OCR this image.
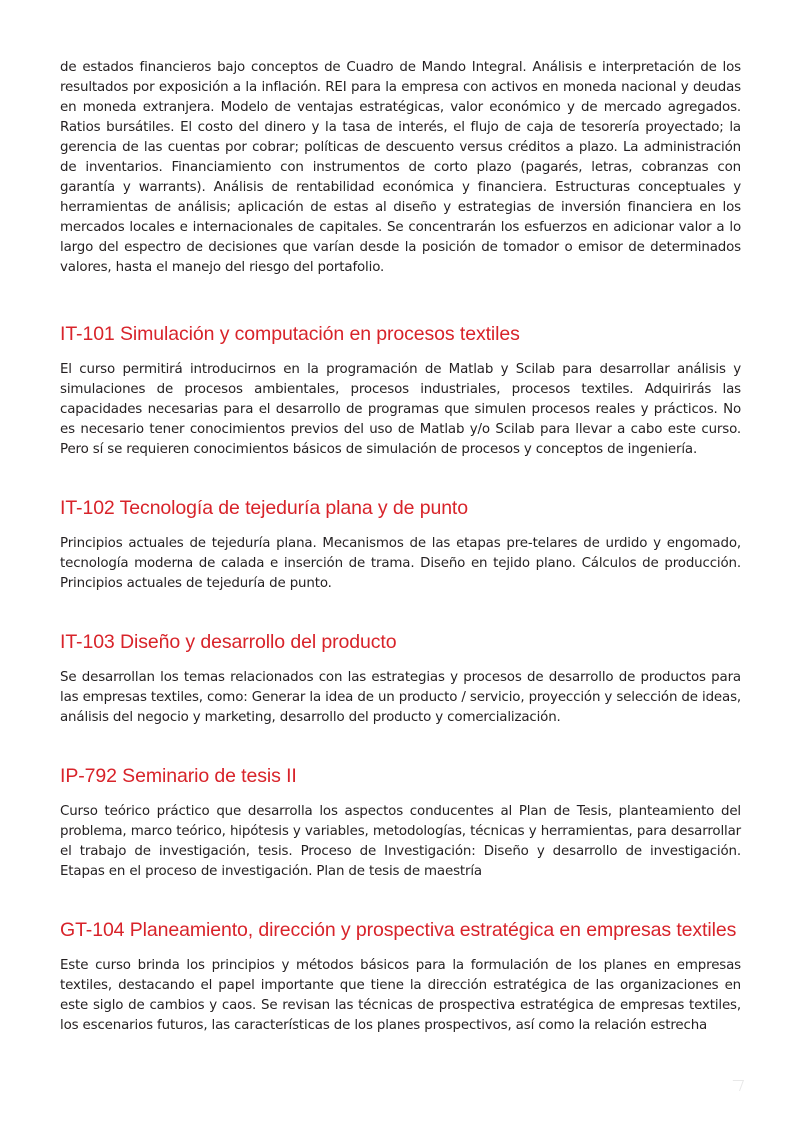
de estados financieros bajo conceptos de Cuadro de Mando Integral. Análisis e interpretación de los resultados por exposición a la inflación. REI para la empresa con activos en moneda nacional y deudas en moneda extranjera. Modelo de ventajas estratégicas, valor económico y de mercado agregados. Ratios bursátiles. El costo del dinero y la tasa de interés, el flujo de caja de tesorería proyectado; la gerencia de las cuentas por cobrar; políticas de descuento versus créditos a plazo. La administración de inventarios. Financiamiento con instrumentos de corto plazo (pagarés, letras, cobranzas con garantía y warrants). Análisis de rentabilidad económica y financiera. Estructuras conceptuales y herramientas de análisis; aplicación de estas al diseño y estrategias de inversión financiera en los mercados locales e internacionales de capitales. Se concentrarán los esfuerzos en adicionar valor a lo largo del espectro de decisiones que varían desde la posición de tomador o emisor de determinados valores, hasta el manejo del riesgo del portafolio.

IT-101 Simulación y computación en procesos textiles

El curso permitirá introducirnos en la programación de Matlab y Scilab para desarrollar análisis y simulaciones de procesos ambientales, procesos industriales, procesos textiles. Adquirirás las capacidades necesarias para el desarrollo de programas que simulen procesos reales y prácticos. No es necesario tener conocimientos previos del uso de Matlab y/o Scilab para llevar a cabo este curso. Pero sí se requieren conocimientos básicos de simulación de procesos y conceptos de ingeniería.

IT-102 Tecnología de tejeduría plana y de punto

Principios actuales de tejeduría plana. Mecanismos de las etapas pre-telares de urdido y engomado, tecnología moderna de calada e inserción de trama. Diseño en tejido plano. Cálculos de producción. Principios actuales de tejeduría de punto.

IT-103 Diseño y desarrollo del producto

Se desarrollan los temas relacionados con las estrategias y procesos de desarrollo de productos para las empresas textiles, como: Generar la idea de un producto / servicio, proyección y selección de ideas, análisis del negocio y marketing, desarrollo del producto y comercialización.

IP-792 Seminario de tesis II

Curso teórico práctico que desarrolla los aspectos conducentes al Plan de Tesis, planteamiento del problema, marco teórico, hipótesis y variables, metodologías, técnicas y herramientas, para desarrollar el trabajo de investigación, tesis. Proceso de Investigación: Diseño y desarrollo de investigación. Etapas en el proceso de investigación. Plan de tesis de maestría

GT-104 Planeamiento, dirección y prospectiva estratégica en empresas textiles

Este curso brinda los principios y métodos básicos para la formulación de los planes en empresas textiles, destacando el papel importante que tiene la dirección estratégica de las organizaciones en este siglo de cambios y caos. Se revisan las técnicas de prospectiva estratégica de empresas textiles, los escenarios futuros, las características de los planes prospectivos, así como la relación estrecha
